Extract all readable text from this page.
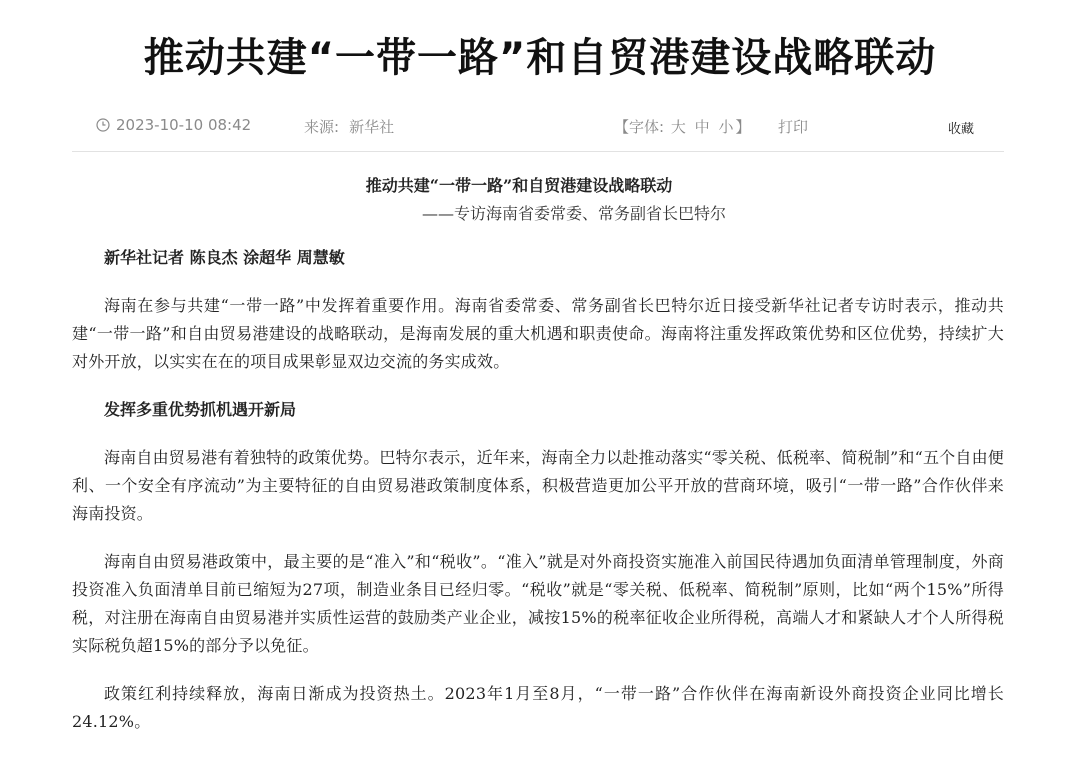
推动共建“一带一路”和自贸港建设战略联动
2023-10-10 08:42	来源: 新华社	【字体: 大 中 小 】 打印	收藏
推动共建“一带一路”和自贸港建设战略联动
——专访海南省委常委、常务副省长巴特尔
新华社记者 陈良杰 涂超华 周慧敏
海南在参与共建“一带一路”中发挥着重要作用。海南省委常委、常务副省长巴特尔近日接受新华社记者专访时表示，推动共建“一带一路”和自由贸易港建设的战略联动，是海南发展的重大机遇和职责使命。海南将注重发挥政策优势和区位优势，持续扩大对外开放，以实实在在的项目成果彰显双边交流的务实成效。
发挥多重优势抓机遇开新局
海南自由贸易港有着独特的政策优势。巴特尔表示，近年来，海南全力以赴推动落实“零关税、低税率、简税制”和“五个自由便利、一个安全有序流动”为主要特征的自由贸易港政策制度体系，积极营造更加公平开放的营商环境，吸引“一带一路”合作伙伴来海南投资。
海南自由贸易港政策中，最主要的是“准入”和“税收”。“准入”就是对外商投资实施准入前国民待遇加负面清单管理制度，外商投资准入负面清单目前已缩短为27项，制造业条目已经归零。“税收”就是“零关税、低税率、简税制”原则，比如“两个15%”所得税，对注册在海南自由贸易港并实质性运营的鼓励类产业企业，减按15%的税率征收企业所得税，高端人才和紧缺人才个人所得税实际税负超15%的部分予以免征。
政策红利持续释放，海南日渐成为投资热土。2023年1月至8月，“一带一路”合作伙伴在海南新设外商投资企业同比增长24.12%。
